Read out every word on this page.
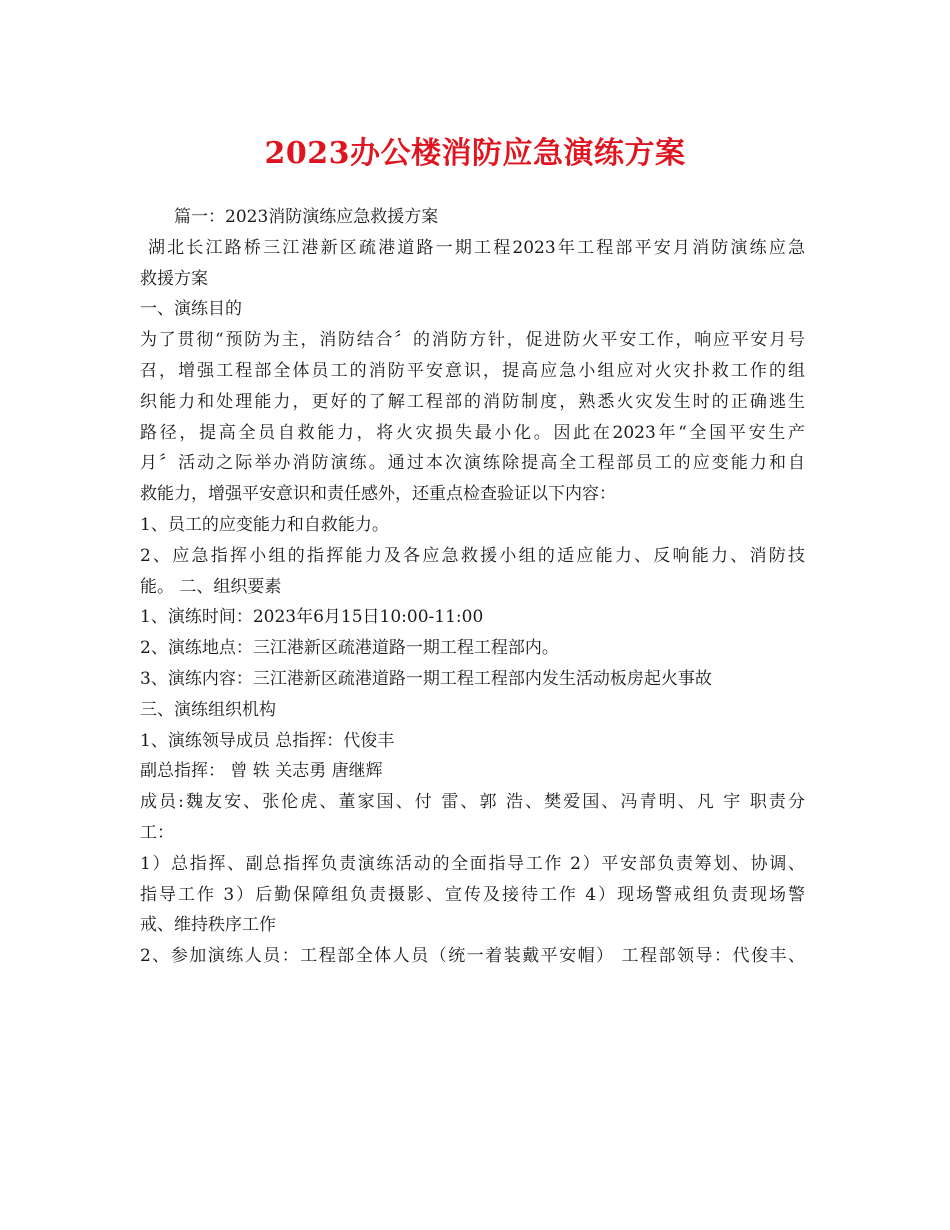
2023办公楼消防应急演练方案
篇一：2023消防演练应急救援方案
湖北长江路桥三江港新区疏港道路一期工程2023年工程部平安月消防演练应急
救援方案
一、演练目的
为了贯彻“预防为主，消防结合〞的消防方针，促进防火平安工作，响应平安月号
召，增强工程部全体员工的消防平安意识，提高应急小组应对火灾扑救工作的组
织能力和处理能力，更好的了解工程部的消防制度，熟悉火灾发生时的正确逃生
路径，提高全员自救能力，将火灾损失最小化。因此在2023年“全国平安生产
月〞活动之际举办消防演练。通过本次演练除提高全工程部员工的应变能力和自
救能力，增强平安意识和责任感外，还重点检查验证以下内容：
1、员工的应变能力和自救能力。
2、应急指挥小组的指挥能力及各应急救援小组的适应能力、反响能力、消防技
能。 二、组织要素
1、演练时间：2023年6月15日10:00-11:00
2、演练地点：三江港新区疏港道路一期工程工程部内。
3、演练内容：三江港新区疏港道路一期工程工程部内发生活动板房起火事故
三、演练组织机构
1、演练领导成员 总指挥：代俊丰
副总指挥： 曾 轶 关志勇 唐继辉
成员:魏友安、张伦虎、董家国、付 雷、郭 浩、樊爱国、冯青明、凡 宇 职责分
工：
1）总指挥、副总指挥负责演练活动的全面指导工作 2）平安部负责筹划、协调、
指导工作 3）后勤保障组负责摄影、宣传及接待工作 4）现场警戒组负责现场警
戒、维持秩序工作
2、参加演练人员：工程部全体人员（统一着装戴平安帽） 工程部领导：代俊丰、
